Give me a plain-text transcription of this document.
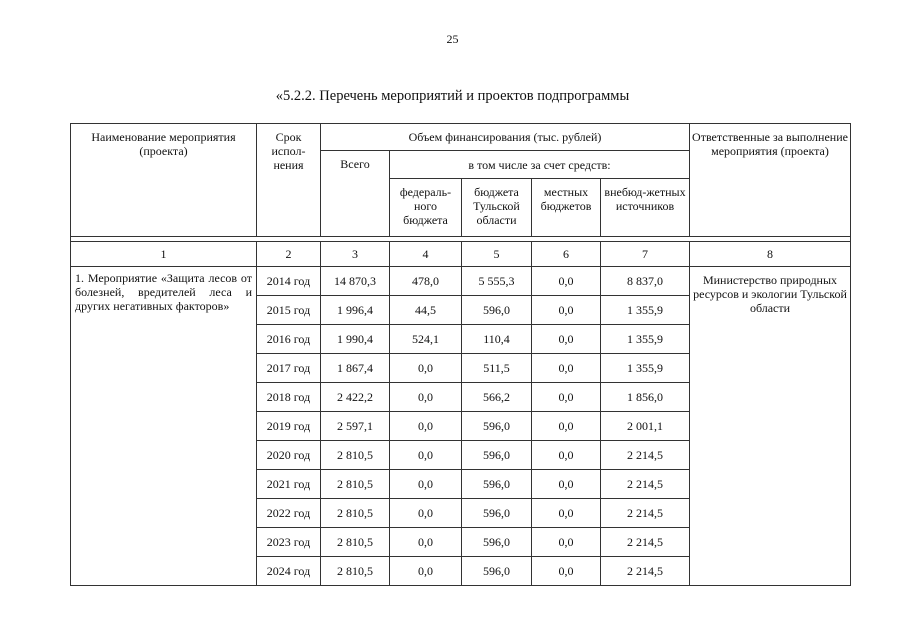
25
«5.2.2. Перечень мероприятий и проектов подпрограммы
Наименование мероприятия (проекта)	Срок испол-нения	Объем финансирования (тыс. рублей)					Ответственные за выполнение мероприятия (проекта)
		Всего	в том числе за счет средств:				
			федераль-ного бюджета	бюджета Тульской области	местных бюджетов	внебюд-жетных источников	

1	2	3	4	5	6	7	8
1. Мероприятие «Защита лесов от болезней, вредителей леса и других негативных факторов»	2014 год	14 870,3	478,0	5 555,3	0,0	8 837,0	Министерство природных ресурсов и экологии Тульской области
	2015 год	1 996,4	44,5	596,0	0,0	1 355,9	
	2016 год	1 990,4	524,1	110,4	0,0	1 355,9	
	2017 год	1 867,4	0,0	511,5	0,0	1 355,9	
	2018 год	2 422,2	0,0	566,2	0,0	1 856,0	
	2019 год	2 597,1	0,0	596,0	0,0	2 001,1	
	2020 год	2 810,5	0,0	596,0	0,0	2 214,5	
	2021 год	2 810,5	0,0	596,0	0,0	2 214,5	
	2022 год	2 810,5	0,0	596,0	0,0	2 214,5	
	2023 год	2 810,5	0,0	596,0	0,0	2 214,5	
	2024 год	2 810,5	0,0	596,0	0,0	2 214,5	
